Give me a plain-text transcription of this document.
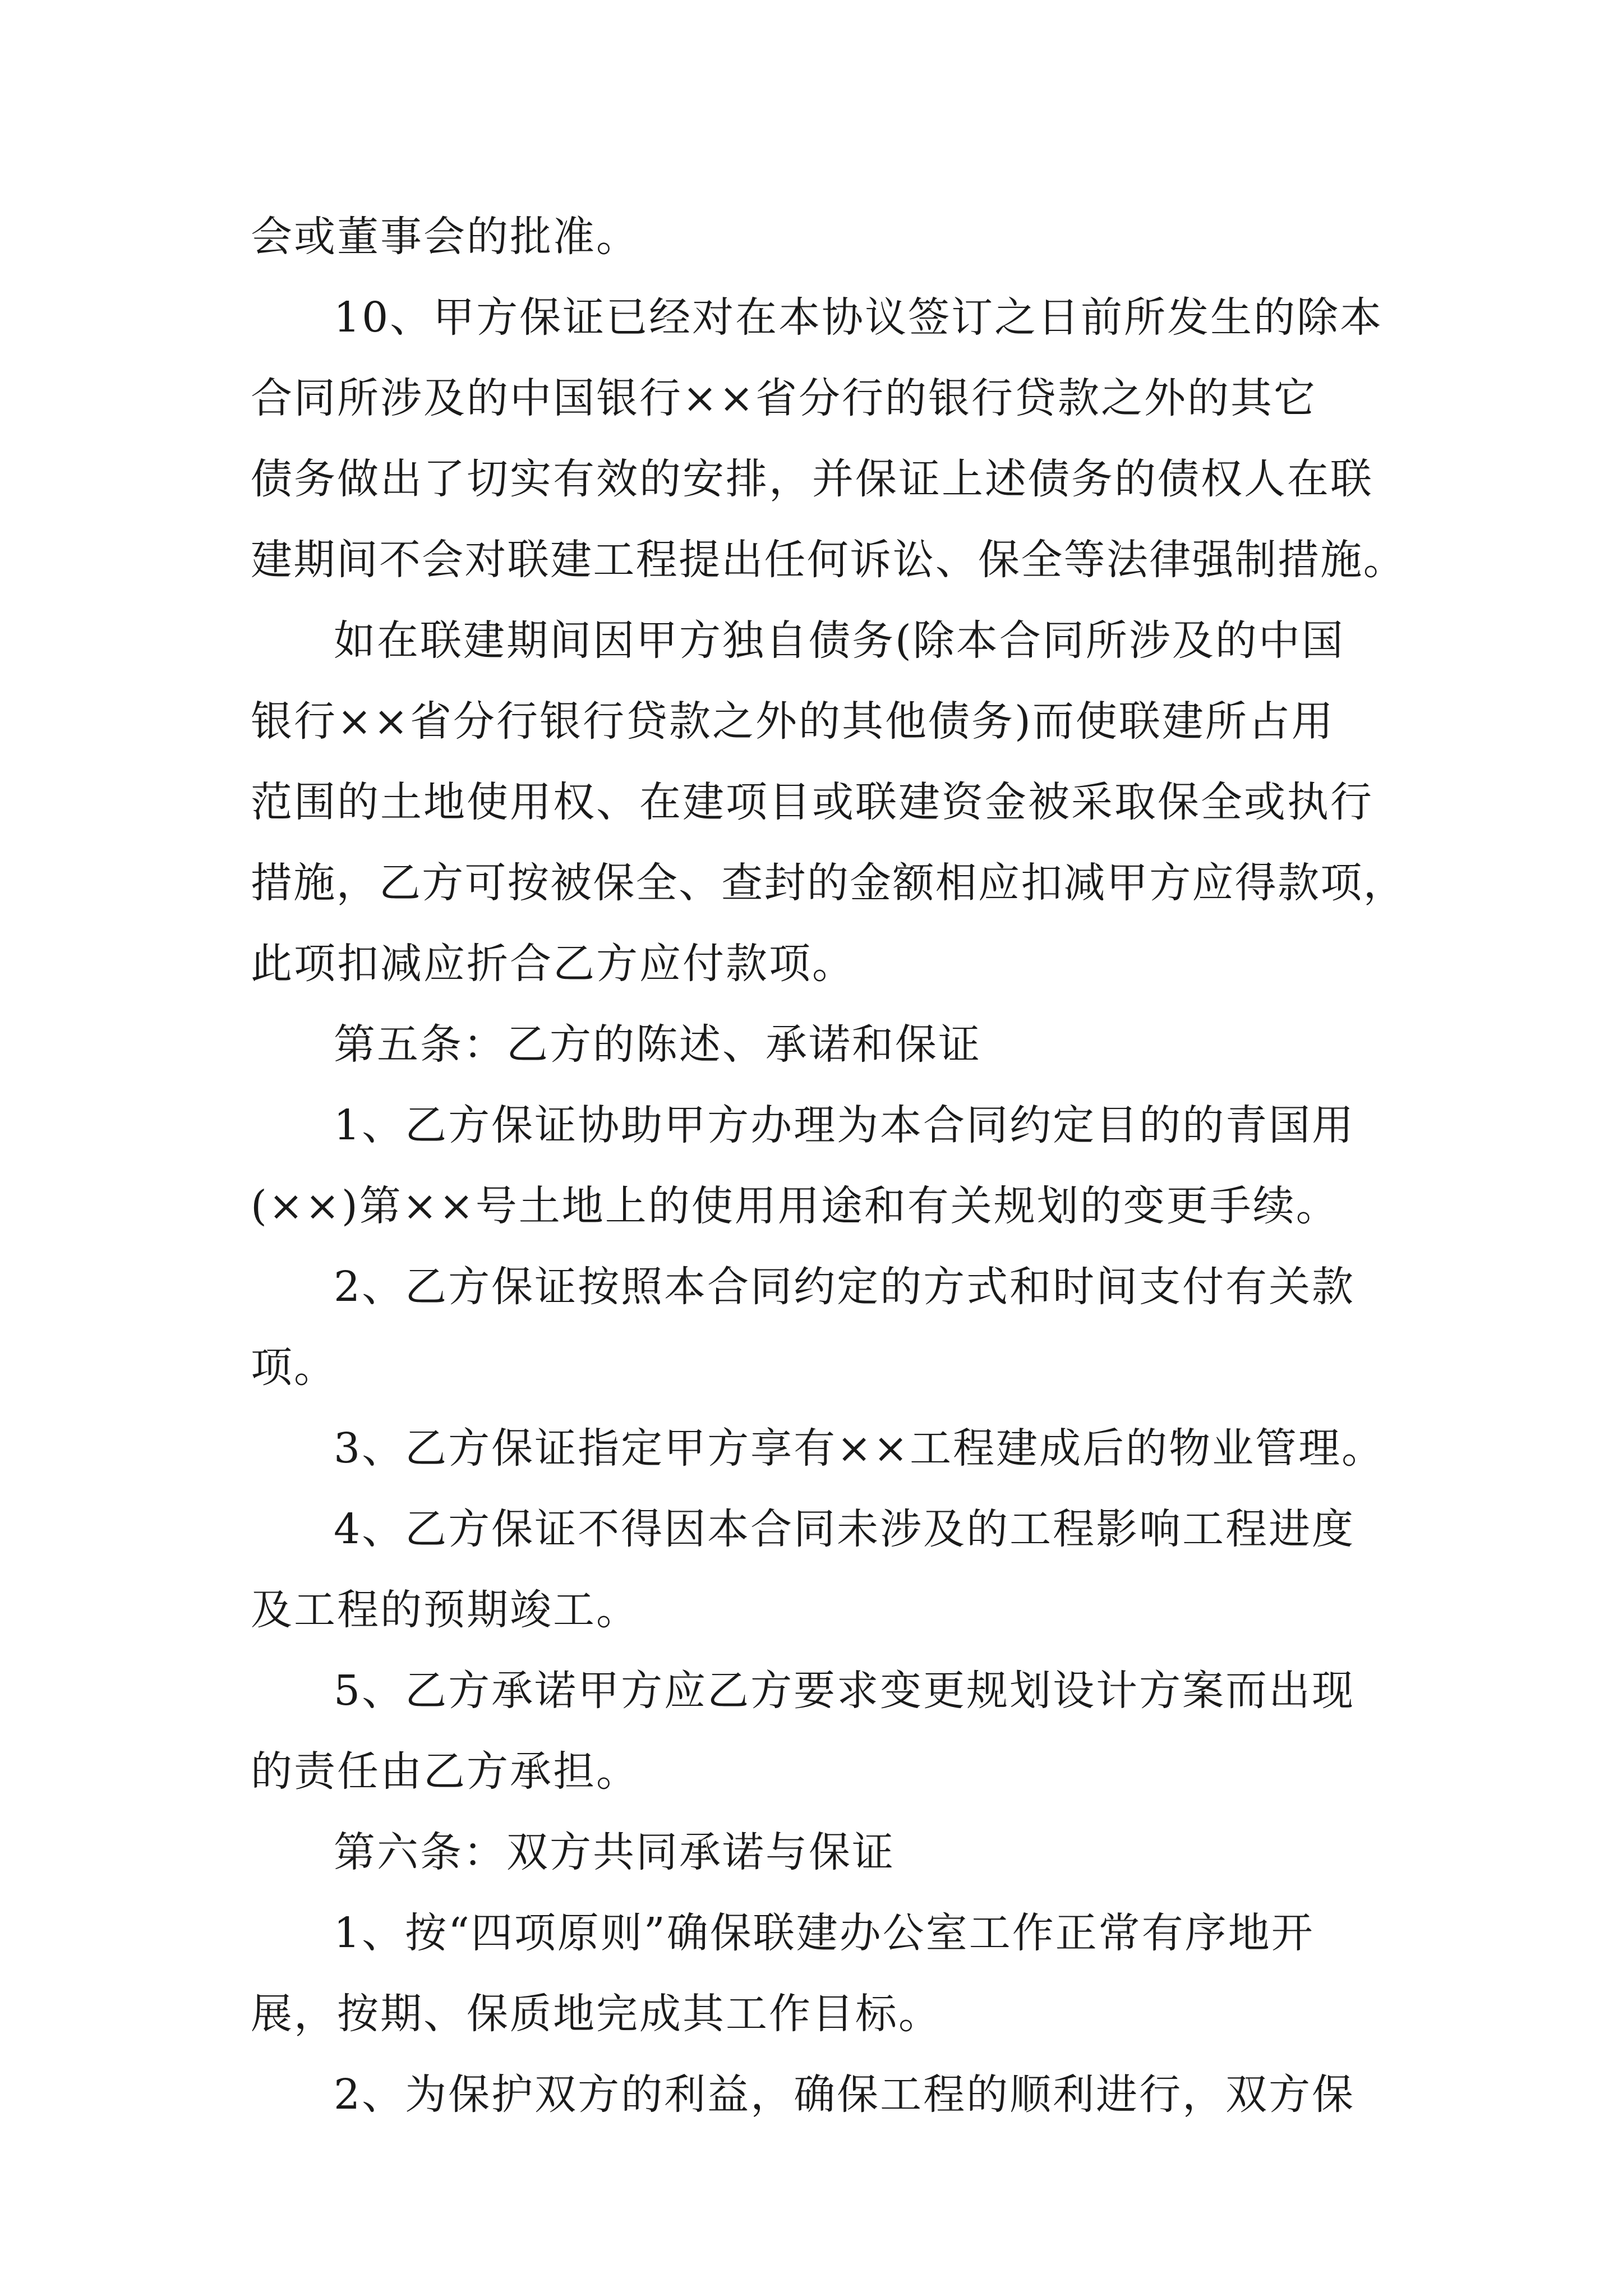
会或董事会的批准。
10、甲方保证已经对在本协议签订之日前所发生的除本
合同所涉及的中国银行××省分行的银行贷款之外的其它
债务做出了切实有效的安排，并保证上述债务的债权人在联
建期间不会对联建工程提出任何诉讼、保全等法律强制措施。
如在联建期间因甲方独自债务(除本合同所涉及的中国
银行××省分行银行贷款之外的其他债务)而使联建所占用
范围的土地使用权、在建项目或联建资金被采取保全或执行
措施，乙方可按被保全、查封的金额相应扣减甲方应得款项，
此项扣减应折合乙方应付款项。
第五条：乙方的陈述、承诺和保证
1、乙方保证协助甲方办理为本合同约定目的的青国用
(××)第××号土地上的使用用途和有关规划的变更手续。
2、乙方保证按照本合同约定的方式和时间支付有关款
项。
3、乙方保证指定甲方享有××工程建成后的物业管理。
4、乙方保证不得因本合同未涉及的工程影响工程进度
及工程的预期竣工。
5、乙方承诺甲方应乙方要求变更规划设计方案而出现
的责任由乙方承担。
第六条：双方共同承诺与保证
1、按“四项原则”确保联建办公室工作正常有序地开
展，按期、保质地完成其工作目标。
2、为保护双方的利益，确保工程的顺利进行，双方保
